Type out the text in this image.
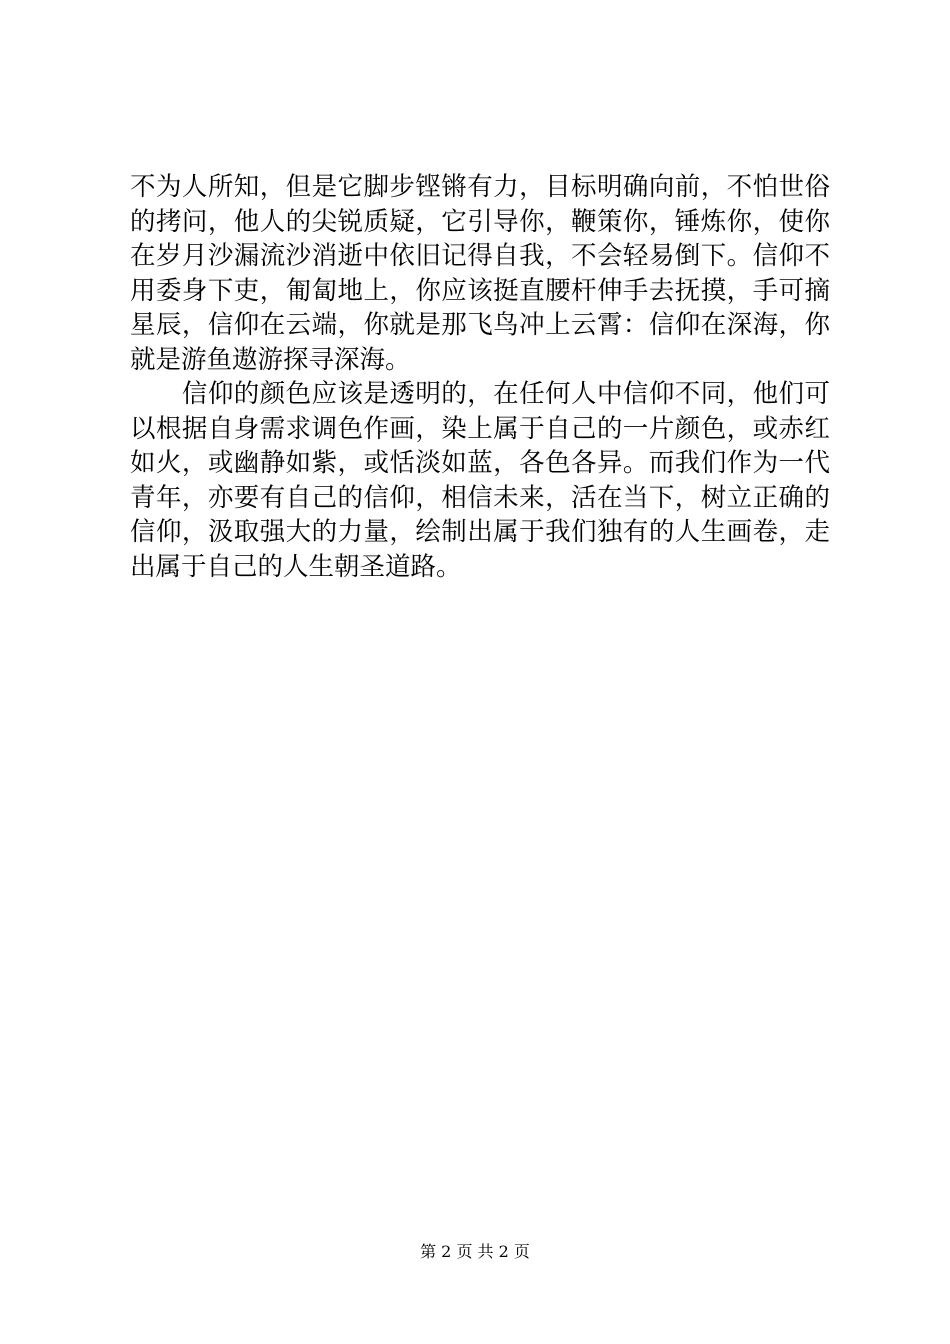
不为人所知，但是它脚步铿锵有力，目标明确向前，不怕世俗
的拷问，他人的尖锐质疑，它引导你，鞭策你，锤炼你，使你
在岁月沙漏流沙消逝中依旧记得自我，不会轻易倒下。信仰不
用委身下吏，匍匐地上，你应该挺直腰杆伸手去抚摸，手可摘
星辰，信仰在云端，你就是那飞鸟冲上云霄：信仰在深海，你
就是游鱼遨游探寻深海。
　　信仰的颜色应该是透明的，在任何人中信仰不同，他们可
以根据自身需求调色作画，染上属于自己的一片颜色，或赤红
如火，或幽静如紫，或恬淡如蓝，各色各异。而我们作为一代
青年，亦要有自己的信仰，相信未来，活在当下，树立正确的
信仰，汲取强大的力量，绘制出属于我们独有的人生画卷，走
出属于自己的人生朝圣道路。
第 2 页 共 2 页
